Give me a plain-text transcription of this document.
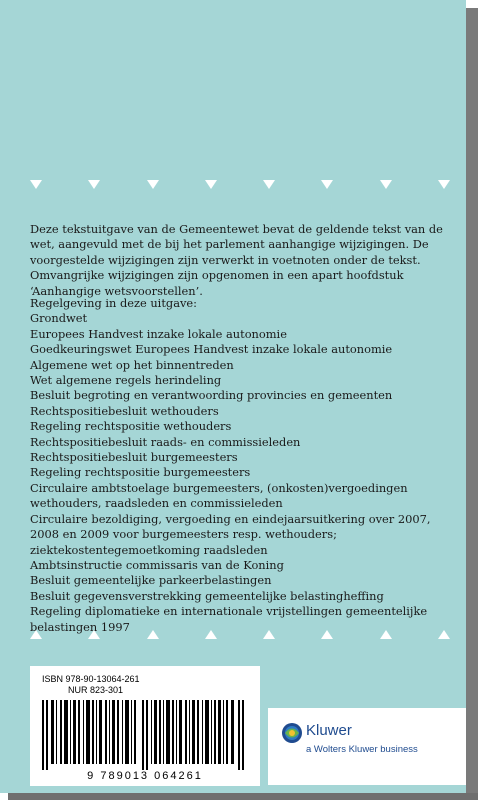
Deze tekstuitgave van de Gemeentewet bevat de geldende tekst van de wet, aangevuld met de bij het parlement aanhangige wijzigingen. De voorgestelde wijzigingen zijn verwerkt in voetnoten onder de tekst. Omvangrijke wijzigingen zijn opgenomen in een apart hoofdstuk ‘Aanhangige wetsvoorstellen’.

Regelgeving in deze uitgave:
Grondwet
Europees Handvest inzake lokale autonomie
Goedkeuringswet Europees Handvest inzake lokale autonomie
Algemene wet op het binnentreden
Wet algemene regels herindeling
Besluit begroting en verantwoording provincies en gemeenten
Rechtspositiebesluit wethouders
Regeling rechtspositie wethouders
Rechtspositiebesluit raads- en commissieleden
Rechtspositiebesluit burgemeesters
Regeling rechtspositie burgemeesters
Circulaire ambtstoelage burgemeesters, (onkosten)vergoedingen wethouders, raadsleden en commissieleden
Circulaire bezoldiging, vergoeding en eindejaarsuitkering over 2007, 2008 en 2009 voor burgemeesters resp. wethouders; ziektekostentegemoetkoming raadsleden
Ambtsinstructie commissaris van de Koning
Besluit gemeentelijke parkeerbelastingen
Besluit gegevensverstrekking gemeentelijke belastingheffing
Regeling diplomatieke en internationale vrijstellingen gemeentelijke belastingen 1997
ISBN 978-90-13064-261
NUR 823-301
9 789013 064261
Kluwer
a Wolters Kluwer business
